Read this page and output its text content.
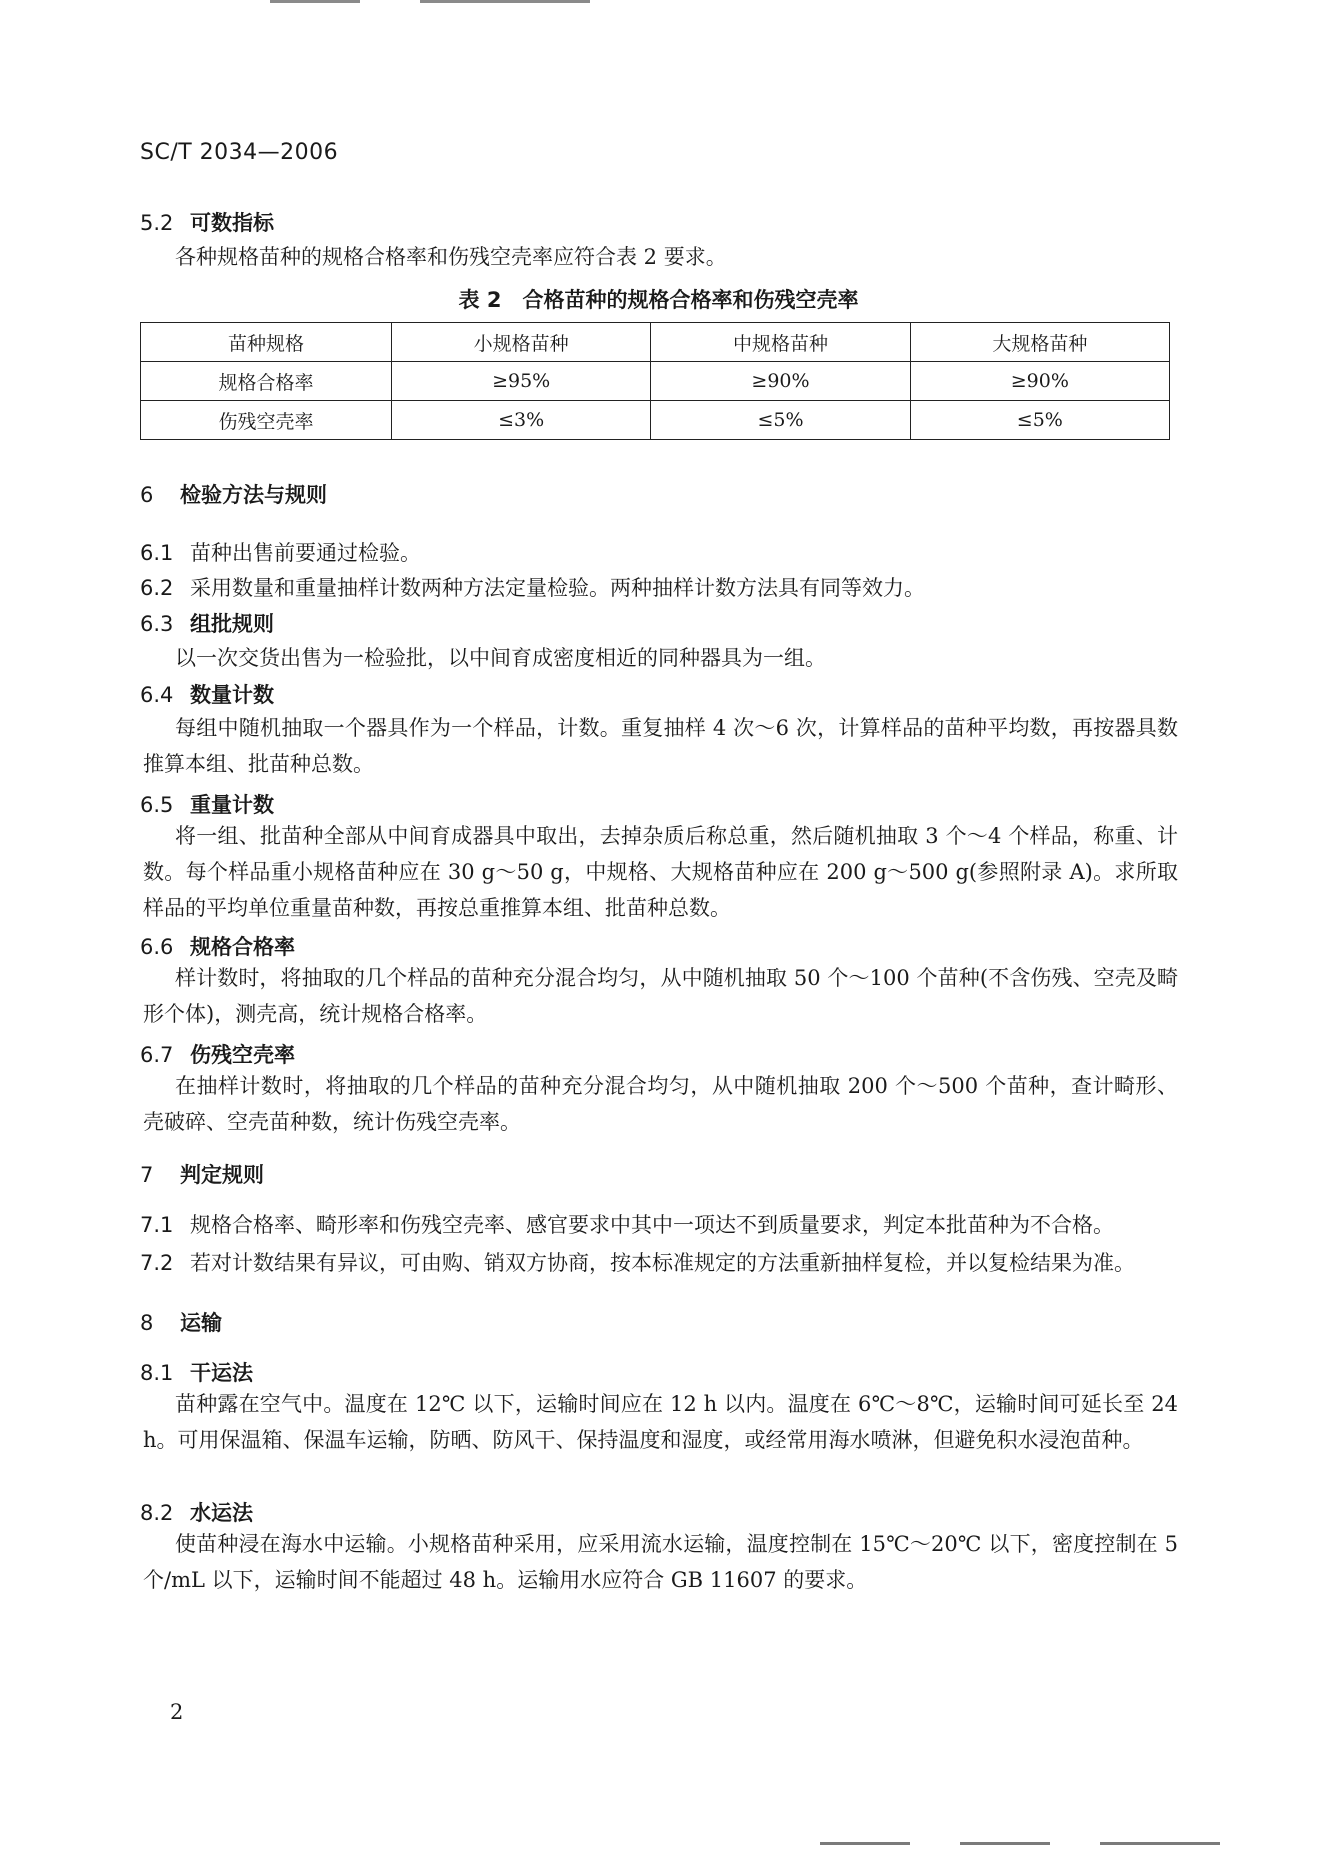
SC/T 2034—2006
5.2 可数指标
各种规格苗种的规格合格率和伤残空壳率应符合表 2 要求。
表 2　合格苗种的规格合格率和伤残空壳率
苗种规格	小规格苗种	中规格苗种	大规格苗种
规格合格率	≥95%	≥90%	≥90%
伤残空壳率	≤3%	≤5%	≤5%
6 检验方法与规则
6.1 苗种出售前要通过检验。
6.2 采用数量和重量抽样计数两种方法定量检验。两种抽样计数方法具有同等效力。
6.3 组批规则
以一次交货出售为一检验批，以中间育成密度相近的同种器具为一组。
6.4 数量计数
每组中随机抽取一个器具作为一个样品，计数。重复抽样 4 次～6 次，计算样品的苗种平均数，再按器具数推算本组、批苗种总数。
6.5 重量计数
将一组、批苗种全部从中间育成器具中取出，去掉杂质后称总重，然后随机抽取 3 个～4 个样品，称重、计数。每个样品重小规格苗种应在 30 g～50 g，中规格、大规格苗种应在 200 g～500 g(参照附录 A)。求所取样品的平均单位重量苗种数，再按总重推算本组、批苗种总数。
6.6 规格合格率
样计数时，将抽取的几个样品的苗种充分混合均匀，从中随机抽取 50 个～100 个苗种(不含伤残、空壳及畸形个体)，测壳高，统计规格合格率。
6.7 伤残空壳率
在抽样计数时，将抽取的几个样品的苗种充分混合均匀，从中随机抽取 200 个～500 个苗种，查计畸形、壳破碎、空壳苗种数，统计伤残空壳率。
7 判定规则
7.1 规格合格率、畸形率和伤残空壳率、感官要求中其中一项达不到质量要求，判定本批苗种为不合格。
7.2 若对计数结果有异议，可由购、销双方协商，按本标准规定的方法重新抽样复检，并以复检结果为准。
8 运输
8.1 干运法
苗种露在空气中。温度在 12℃ 以下，运输时间应在 12 h 以内。温度在 6℃～8℃，运输时间可延长至 24 h。可用保温箱、保温车运输，防晒、防风干、保持温度和湿度，或经常用海水喷淋，但避免积水浸泡苗种。
8.2 水运法
使苗种浸在海水中运输。小规格苗种采用，应采用流水运输，温度控制在 15℃～20℃ 以下，密度控制在 5 个/mL 以下，运输时间不能超过 48 h。运输用水应符合 GB 11607 的要求。
2
